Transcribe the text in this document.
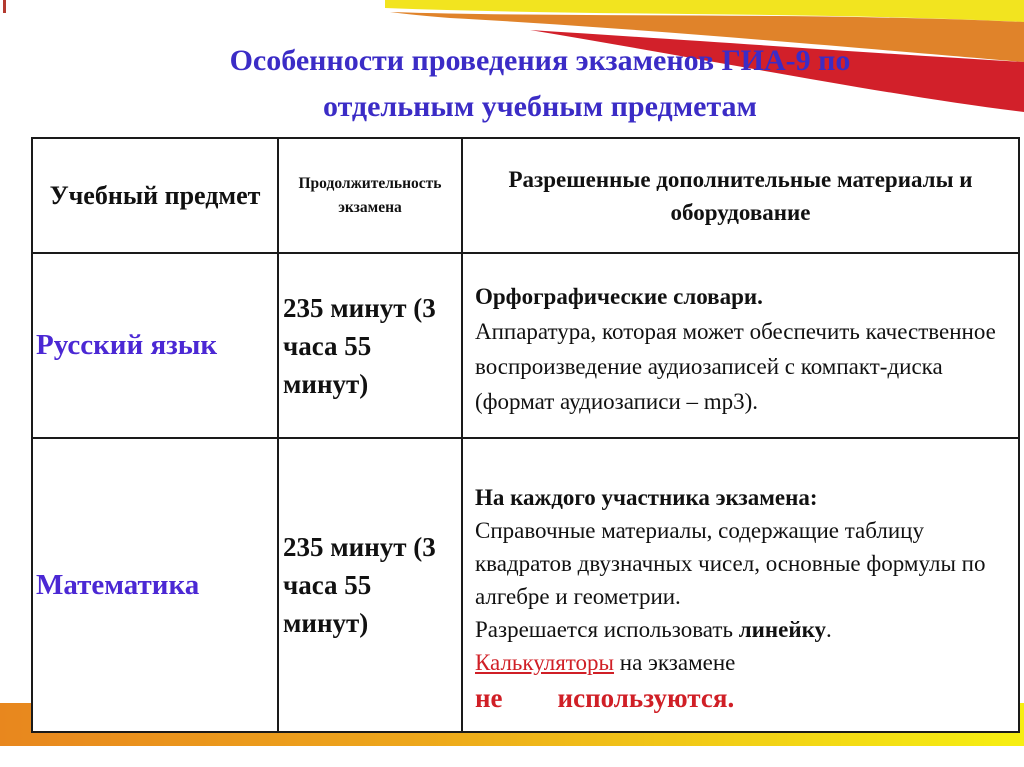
Особенности проведения экзаменов ГИА-9 по
отдельным учебным предметам
Учебный предмет	Продолжительность экзамена	Разрешенные дополнительные материалы и оборудование
Русский язык	235 минут (3 часа 55 минут)	Орфографические словари.
Аппаратура, которая может обеспечить качественное воспроизведение аудиозаписей с компакт-диска (формат аудиозаписи – mp3).

Математика	235 минут (3 часа 55 минут)	На каждого участника экзамена:
Справочные материалы, содержащие таблицу квадратов двузначных чисел, основные формулы по алгебре и геометрии.
Разрешается использовать линейку.
Калькуляторы на экзамене
не используются.
